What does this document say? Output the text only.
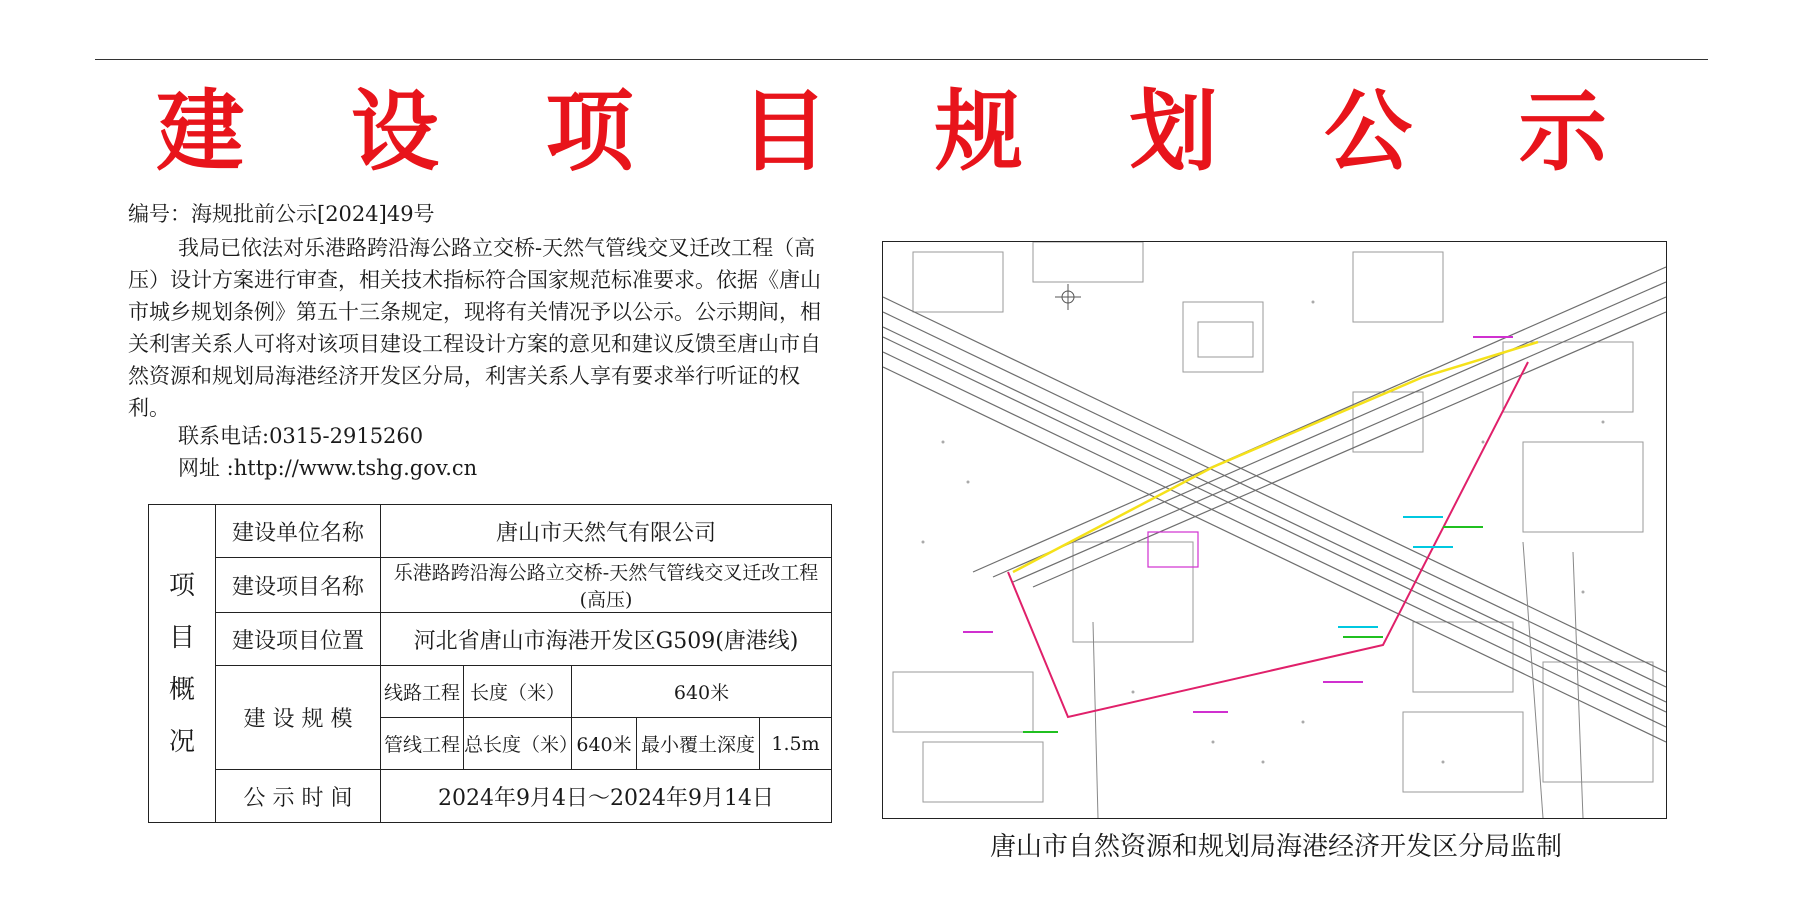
建 设 项 目 规 划 公 示
编号：海规批前公示[2024]49号

我局已依法对乐港路跨沿海公路立交桥-天然气管线交叉迁改工程（高压）设计方案进行审查，相关技术指标符合国家规范标准要求。依据《唐山市城乡规划条例》第五十三条规定，现将有关情况予以公示。公示期间，相关利害关系人可将对该项目建设工程设计方案的意见和建议反馈至唐山市自然资源和规划局海港经济开发区分局，利害关系人享有要求举行听证的权利。

联系电话:0315-2915260
网址 :http://www.tshg.gov.cn
项
目
概
况	建设单位名称	唐山市天然气有限公司				
	建设项目名称	乐港路跨沿海公路立交桥-天然气管线交叉迁改工程(高压)				
	建设项目位置	河北省唐山市海港开发区G509(唐港线)				
	建 设 规 模	线路工程	长度（米）	640米		
		管线工程	总长度（米）	640米	最小覆土深度	1.5m
	公 示 时 间	2024年9月4日～2024年9月14日				
唐山市自然资源和规划局海港经济开发区分局监制
